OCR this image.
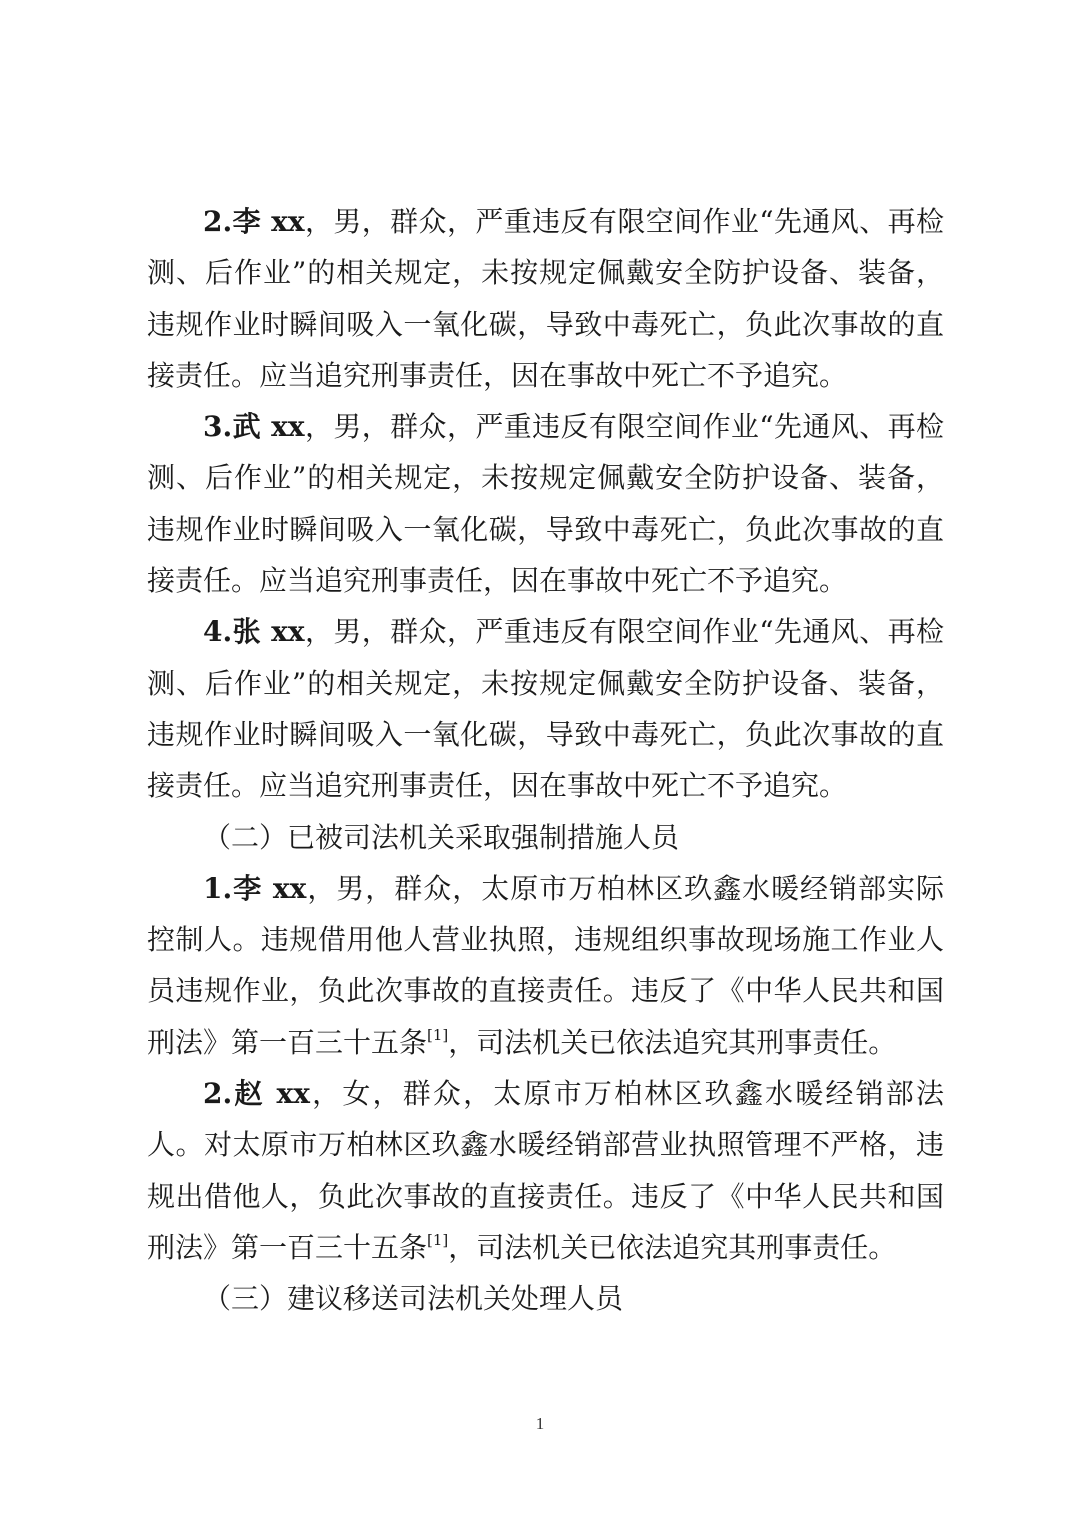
2.李 xx，男，群众，严重违反有限空间作业“先通风、再检测、后作业”的相关规定，未按规定佩戴安全防护设备、装备，违规作业时瞬间吸入一氧化碳，导致中毒死亡，负此次事故的直接责任。应当追究刑事责任，因在事故中死亡不予追究。

3.武 xx，男，群众，严重违反有限空间作业“先通风、再检测、后作业”的相关规定，未按规定佩戴安全防护设备、装备，违规作业时瞬间吸入一氧化碳，导致中毒死亡，负此次事故的直接责任。应当追究刑事责任，因在事故中死亡不予追究。

4.张 xx，男，群众，严重违反有限空间作业“先通风、再检测、后作业”的相关规定，未按规定佩戴安全防护设备、装备，违规作业时瞬间吸入一氧化碳，导致中毒死亡，负此次事故的直接责任。应当追究刑事责任，因在事故中死亡不予追究。

（二）已被司法机关采取强制措施人员

1.李 xx，男，群众，太原市万柏林区玖鑫水暖经销部实际控制人。违规借用他人营业执照，违规组织事故现场施工作业人员违规作业，负此次事故的直接责任。违反了《中华人民共和国刑法》第一百三十五条[1]，司法机关已依法追究其刑事责任。

2.赵 xx，女，群众，太原市万柏林区玖鑫水暖经销部法人。对太原市万柏林区玖鑫水暖经销部营业执照管理不严格，违规出借他人，负此次事故的直接责任。违反了《中华人民共和国刑法》第一百三十五条[1]，司法机关已依法追究其刑事责任。

（三）建议移送司法机关处理人员

1
